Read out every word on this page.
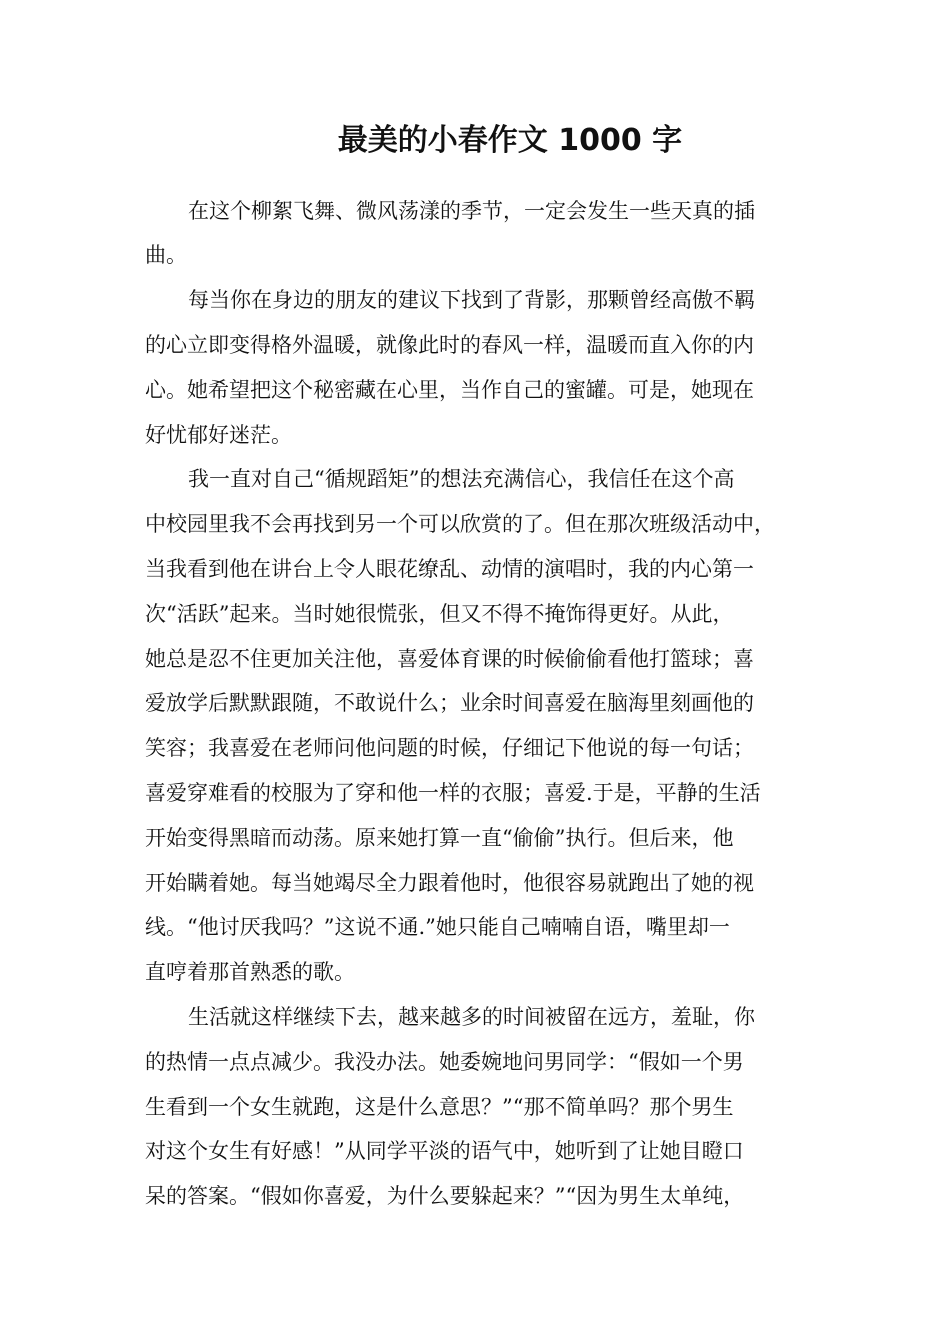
最美的小春作文 1000 字

在这个柳絮飞舞、微风荡漾的季节，一定会发生一些天真的插

曲。

每当你在身边的朋友的建议下找到了背影，那颗曾经高傲不羁

的心立即变得格外温暖，就像此时的春风一样，温暖而直入你的内

心。她希望把这个秘密藏在心里，当作自己的蜜罐。可是，她现在

好忧郁好迷茫。

我一直对自己“循规蹈矩”的想法充满信心，我信任在这个高

中校园里我不会再找到另一个可以欣赏的了。但在那次班级活动中，

当我看到他在讲台上令人眼花缭乱、动情的演唱时，我的内心第一

次“活跃”起来。当时她很慌张，但又不得不掩饰得更好。从此，

她总是忍不住更加关注他，喜爱体育课的时候偷偷看他打篮球；喜

爱放学后默默跟随，不敢说什么；业余时间喜爱在脑海里刻画他的

笑容；我喜爱在老师问他问题的时候，仔细记下他说的每一句话；

喜爱穿难看的校服为了穿和他一样的衣服；喜爱.于是，平静的生活

开始变得黑暗而动荡。原来她打算一直“偷偷”执行。但后来，他

开始瞒着她。每当她竭尽全力跟着他时，他很容易就跑出了她的视

线。“他讨厌我吗？”这说不通.”她只能自己喃喃自语，嘴里却一

直哼着那首熟悉的歌。

生活就这样继续下去，越来越多的时间被留在远方，羞耻，你

的热情一点点减少。我没办法。她委婉地问男同学：“假如一个男

生看到一个女生就跑，这是什么意思？”“那不简单吗？那个男生

对这个女生有好感！”从同学平淡的语气中，她听到了让她目瞪口

呆的答案。“假如你喜爱，为什么要躲起来？”“因为男生太单纯，
